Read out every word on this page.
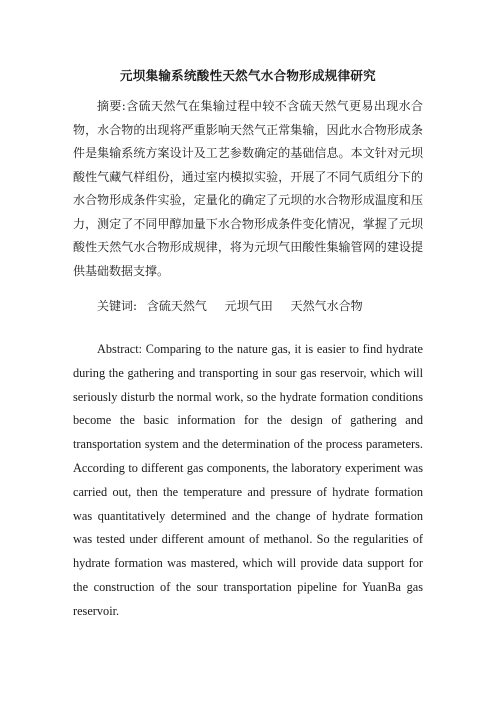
元坝集输系统酸性天然气水合物形成规律研究
摘要:含硫天然气在集输过程中较不含硫天然气更易出现水合物，水合物的出现将严重影响天然气正常集输，因此水合物形成条件是集输系统方案设计及工艺参数确定的基础信息。本文针对元坝酸性气藏气样组份，通过室内模拟实验，开展了不同气质组分下的水合物形成条件实验，定量化的确定了元坝的水合物形成温度和压力，测定了不同甲醇加量下水合物形成条件变化情况，掌握了元坝酸性天然气水合物形成规律，将为元坝气田酸性集输管网的建设提供基础数据支撑。
关键词: 含硫天然气 元坝气田 天然气水合物
Abstract: Comparing to the nature gas, it is easier to find hydrate during the gathering and transporting in sour gas reservoir, which will seriously disturb the normal work, so the hydrate formation conditions become the basic information for the design of gathering and transportation system and the determination of the process parameters. According to different gas components, the laboratory experiment was carried out, then the temperature and pressure of hydrate formation was quantitatively determined and the change of hydrate formation was tested under different amount of methanol. So the regularities of hydrate formation was mastered, which will provide data support for the construction of the sour transportation pipeline for YuanBa gas reservoir.
